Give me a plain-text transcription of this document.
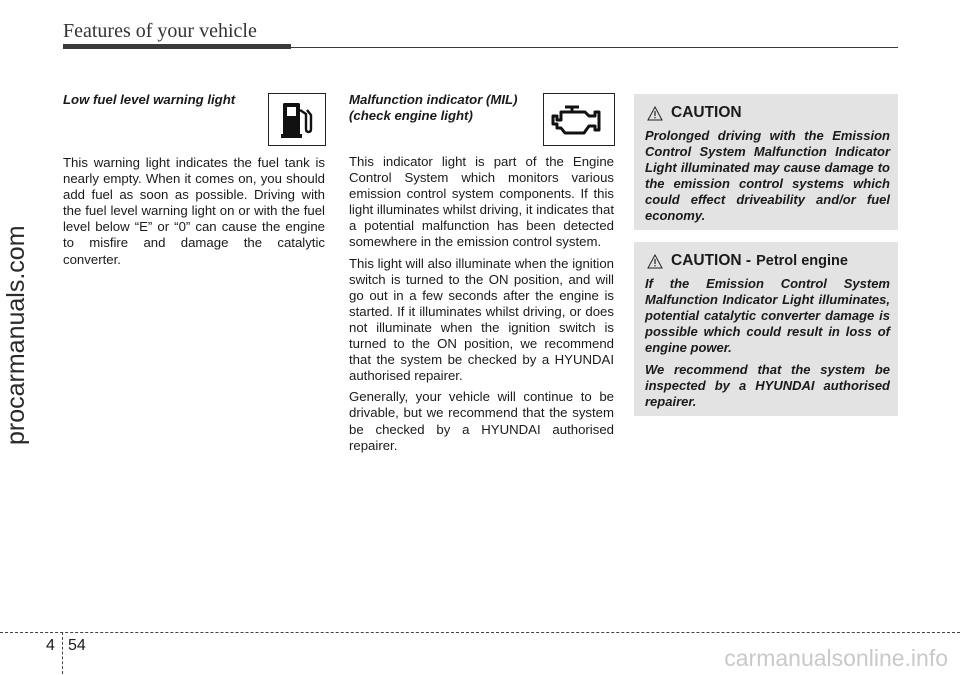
Features of your vehicle
procarmanuals.com
Low fuel level warning light

This warning light indicates the fuel tank is nearly empty. When it comes on, you should add fuel as soon as possible. Driving with the fuel level warning light on or with the fuel level below “E” or “0” can cause the engine to misfire and damage the catalytic converter.

Malfunction indicator (MIL)
(check engine light)

This indicator light is part of the Engine Control System which monitors various emission control system components. If this light illuminates whilst driving, it indicates that a potential malfunction has been detected somewhere in the emission control system.

This light will also illuminate when the ignition switch is turned to the ON position, and will go out in a few seconds after the engine is started. If it illuminates whilst driving, or does not illuminate when the ignition switch is turned to the ON position, we recommend that the system be checked by a HYUNDAI authorised repairer.

Generally, your vehicle will continue to be drivable, but we recommend that the system be checked by a HYUNDAI authorised repairer.

CAUTION

Prolonged driving with the Emission Control System Malfunction Indicator Light illuminated may cause damage to the emission control systems which could effect driveability and/or fuel economy.

CAUTION - Petrol engine

If the Emission Control System Malfunction Indicator Light illuminates, potential catalytic converter damage is possible which could result in loss of engine power.

We recommend that the system be inspected by a HYUNDAI authorised repairer.

4 54	carmanualsonline.info
